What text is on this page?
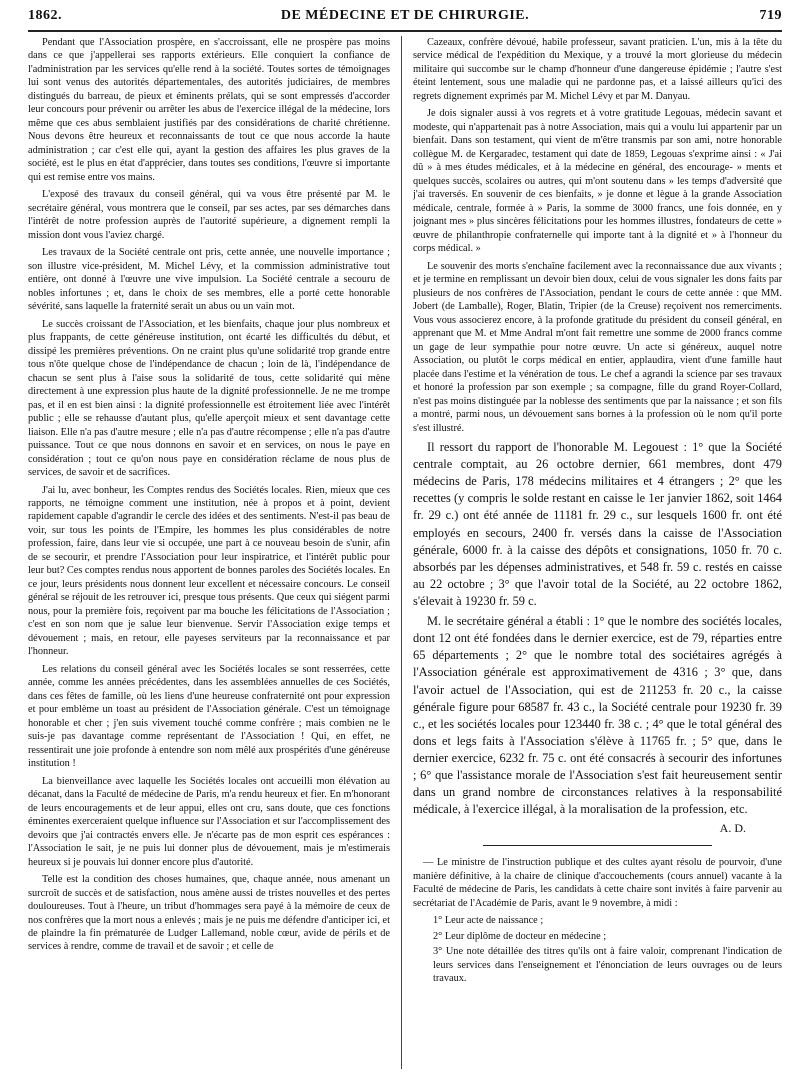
1862.	DE MÉDECINE ET DE CHIRURGIE.	719

Pendant que l'Association prospère, en s'accroissant, elle ne prospère pas moins dans ce que j'appellerai ses rapports extérieurs. Elle conquiert la confiance de l'administration par les services qu'elle rend à la société. Toutes sortes de témoignages lui sont venus des autorités départementales, des autorités judiciaires, de membres distingués du barreau, de pieux et éminents prélats, qui se sont empressés d'accorder leur concours pour prévenir ou arrêter les abus de l'exercice illégal de la médecine, lors même que ces abus semblaient justifiés par des considérations de charité chrétienne. Nous devons être heureux et reconnaissants de tout ce que nous accorde la haute administration ; car c'est elle qui, ayant la gestion des affaires les plus graves de la société, est le plus en état d'apprécier, dans toutes ses conditions, l'œuvre si importante qui est remise entre vos mains.

L'exposé des travaux du conseil général, qui va vous être présenté par M. le secrétaire général, vous montrera que le conseil, par ses actes, par ses démarches dans l'intérêt de notre profession auprès de l'autorité supérieure, a dignement rempli la mission dont vous l'aviez chargé.

Les travaux de la Société centrale ont pris, cette année, une nouvelle importance ; son illustre vice-président, M. Michel Lévy, et la commission administrative tout entière, ont donné à l'œuvre une vive impulsion. La Société centrale a secouru de nobles infortunes ; et, dans le choix de ses membres, elle a porté cette honorable sévérité, sans laquelle la fraternité serait un abus ou un vain mot.

Le succès croissant de l'Association, et les bienfaits, chaque jour plus nombreux et plus frappants, de cette généreuse institution, ont écarté les difficultés du début, et dissipé les premières préventions. On ne craint plus qu'une solidarité trop grande entre tous n'ôte quelque chose de l'indépendance de chacun ; loin de là, l'indépendance de chacun se sent plus à l'aise sous la solidarité de tous, cette solidarité qui mène directement à une expression plus haute de la dignité professionnelle. Je ne me trompe pas, et il en est bien ainsi : la dignité professionnelle est étroitement liée avec l'intérêt public ; elle se rehausse d'autant plus, qu'elle aperçoit mieux et sent davantage cette liaison. Elle n'a pas d'autre mesure ; elle n'a pas d'autre récompense ; elle n'a pas d'autre puissance. Tout ce que nous donnons en savoir et en services, on nous le paye en considération ; tout ce qu'on nous paye en considération réclame de nous plus de services, de savoir et de sacrifices.

J'ai lu, avec bonheur, les Comptes rendus des Sociétés locales. Rien, mieux que ces rapports, ne témoigne comment une institution, née à propos et à point, devient rapidement capable d'agrandir le cercle des idées et des sentiments. N'est-il pas beau de voir, sur tous les points de l'Empire, les hommes les plus considérables de notre profession, faire, dans leur vie si occupée, une part à ce nouveau besoin de s'unir, afin de se secourir, et prendre l'Association pour leur inspiratrice, et l'intérêt public pour leur but? Ces comptes rendus nous apportent de bonnes paroles des Sociétés locales. En ce jour, leurs présidents nous donnent leur excellent et nécessaire concours. Le conseil général se réjouit de les retrouver ici, presque tous présents. Que ceux qui siégent parmi nous, pour la première fois, reçoivent par ma bouche les félicitations de l'Association ; c'est en son nom que je salue leur bienvenue. Servir l'Association exige temps et dévouement ; mais, en retour, elle payeses serviteurs par la reconnaissance et par l'honneur.

Les relations du conseil général avec les Sociétés locales se sont resserrées, cette année, comme les années précédentes, dans les assemblées annuelles de ces Sociétés, dans ces fêtes de famille, où les liens d'une heureuse confraternité ont pour expression et pour emblème un toast au président de l'Association générale. C'est un témoignage honorable et cher ; j'en suis vivement touché comme confrère ; mais combien ne le suis-je pas davantage comme représentant de l'Association ! Qui, en effet, ne ressentirait une joie profonde à entendre son nom mêlé aux prospérités d'une généreuse institution !

La bienveillance avec laquelle les Sociétés locales ont accueilli mon élévation au décanat, dans la Faculté de médecine de Paris, m'a rendu heureux et fier. En m'honorant de leurs encouragements et de leur appui, elles ont cru, sans doute, que ces fonctions éminentes exerceraient quelque influence sur l'Association et sur l'accomplissement des devoirs que j'ai contractés envers elle. Je n'écarte pas de mon esprit ces espérances : l'Association le sait, je ne puis lui donner plus de dévouement, mais je m'estimerais heureux si je pouvais lui donner encore plus d'autorité.

Telle est la condition des choses humaines, que, chaque année, nous amenant un surcroît de succès et de satisfaction, nous amène aussi de tristes nouvelles et des pertes douloureuses. Tout à l'heure, un tribut d'hommages sera payé à la mémoire de ceux de nos confrères que la mort nous a enlevés ; mais je ne puis me défendre d'anticiper ici, et de plaindre la fin prématurée de Ludger Lallemand, noble cœur, avide de périls et de services à rendre, comme de travail et de savoir ; et celle de

Cazeaux, confrère dévoué, habile professeur, savant praticien. L'un, mis à la tête du service médical de l'expédition du Mexique, y a trouvé la mort glorieuse du médecin militaire qui succombe sur le champ d'honneur d'une dangereuse épidémie ; l'autre s'est éteint lentement, sous une maladie qui ne pardonne pas, et a laissé ailleurs qu'ici des regrets dignement exprimés par M. Michel Lévy et par M. Danyau.

Je dois signaler aussi à vos regrets et à votre gratitude Legouas, médecin savant et modeste, qui n'appartenait pas à notre Association, mais qui a voulu lui appartenir par un bienfait. Dans son testament, qui vient de m'être transmis par son ami, notre honorable collègue M. de Kergaradec, testament qui date de 1859, Legouas s'exprime ainsi : « J'ai dû » à mes études médicales, et à la médecine en général, des encourage- » ments et quelques succès, scolaires ou autres, qui m'ont soutenu dans » les temps d'adversité que j'ai traversés. En souvenir de ces bienfaits, » je donne et lègue à la grande Association médicale, centrale, formée à » Paris, la somme de 3000 francs, une fois donnée, en y joignant mes » plus sincères félicitations pour les hommes illustres, fondateurs de cette » œuvre de philanthropie confraternelle qui importe tant à la dignité et » à l'honneur du corps médical. »

Le souvenir des morts s'enchaîne facilement avec la reconnaissance due aux vivants ; et je termine en remplissant un devoir bien doux, celui de vous signaler les dons faits par plusieurs de nos confrères de l'Association, pendant le cours de cette année : que MM. Jobert (de Lamballe), Roger, Blatin, Tripier (de la Creuse) reçoivent nos remerciments. Vous vous associerez encore, à la profonde gratitude du président du conseil général, en apprenant que M. et Mme Andral m'ont fait remettre une somme de 2000 francs comme un gage de leur sympathie pour notre œuvre. Un acte si généreux, auquel notre Association, ou plutôt le corps médical en entier, applaudira, vient d'une famille haut placée dans l'estime et la vénération de tous. Le chef a agrandi la science par ses travaux et honoré la profession par son exemple ; sa compagne, fille du grand Royer-Collard, n'est pas moins distinguée par la noblesse des sentiments que par la naissance ; et son fils a montré, parmi nous, un dévouement sans bornes à la profession où le nom qu'il porte s'est illustré.

Il ressort du rapport de l'honorable M. Legouest : 1° que la Société centrale comptait, au 26 octobre dernier, 661 membres, dont 479 médecins de Paris, 178 médecins militaires et 4 étrangers ; 2° que les recettes (y compris le solde restant en caisse le 1er janvier 1862, soit 1464 fr. 29 c.) ont été année de 11181 fr. 29 c., sur lesquels 1600 fr. ont été employés en secours, 2400 fr. versés dans la caisse de l'Association générale, 6000 fr. à la caisse des dépôts et consignations, 1050 fr. 70 c. absorbés par les dépenses administratives, et 548 fr. 59 c. restés en caisse au 22 octobre ; 3° que l'avoir total de la Société, au 22 octobre 1862, s'élevait à 19230 fr. 59 c.

M. le secrétaire général a établi : 1° que le nombre des sociétés locales, dont 12 ont été fondées dans le dernier exercice, est de 79, réparties entre 65 départements ; 2° que le nombre total des sociétaires agrégés à l'Association générale est approximativement de 4316 ; 3° que, dans l'avoir actuel de l'Association, qui est de 211253 fr. 20 c., la caisse générale figure pour 68587 fr. 43 c., la Société centrale pour 19230 fr. 39 c., et les sociétés locales pour 123440 fr. 38 c. ; 4° que le total général des dons et legs faits à l'Association s'élève à 11765 fr. ; 5° que, dans le dernier exercice, 6232 fr. 75 c. ont été consacrés à secourir des infortunes ; 6° que l'assistance morale de l'Association s'est fait heureusement sentir dans un grand nombre de circonstances relatives à la responsabilité médicale, à l'exercice illégal, à la moralisation de la profession, etc.

A. D.

— Le ministre de l'instruction publique et des cultes ayant résolu de pourvoir, d'une manière définitive, à la chaire de clinique d'accouchements (cours annuel) vacante à la Faculté de médecine de Paris, les candidats à cette chaire sont invités à faire parvenir au secrétariat de l'Académie de Paris, avant le 9 novembre, à midi :

1° Leur acte de naissance ;

2° Leur diplôme de docteur en médecine ;

3° Une note détaillée des titres qu'ils ont à faire valoir, comprenant l'indication de leurs services dans l'enseignement et l'énonciation de leurs ouvrages ou de leurs travaux.
